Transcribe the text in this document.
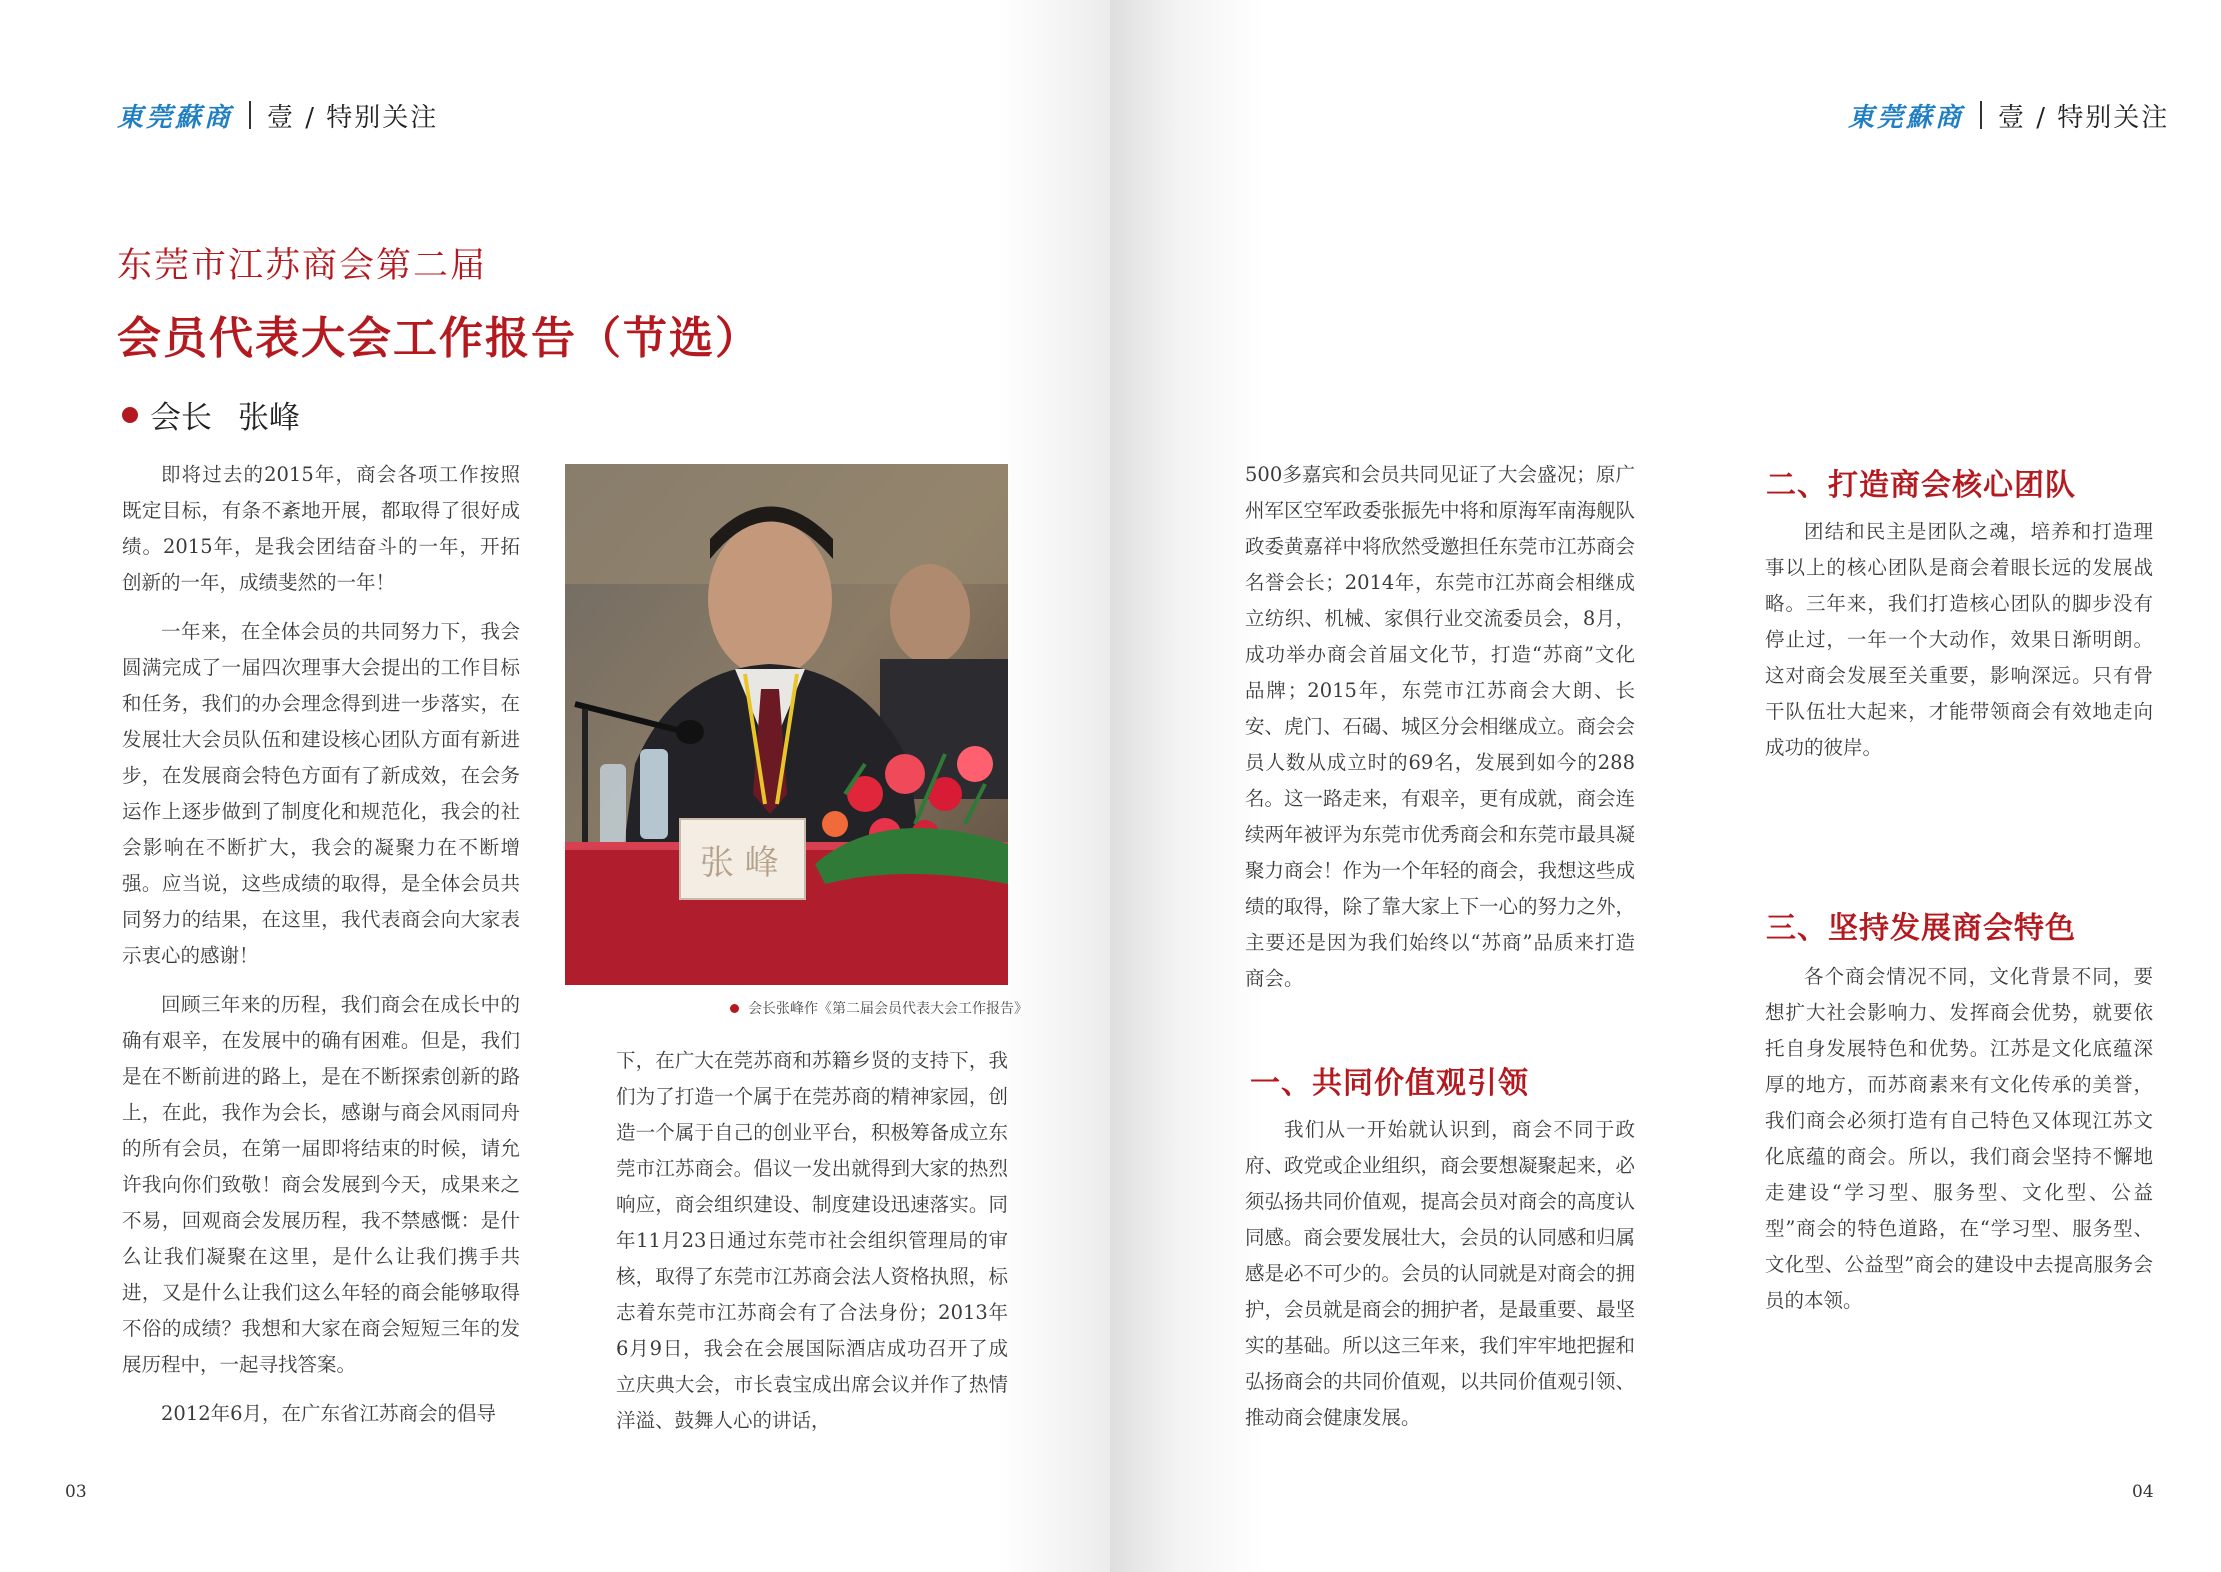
東莞蘇商 壹 / 特别关注
东莞市江苏商会第二届
会员代表大会工作报告（节选）
会长 张峰

即将过去的2015年，商会各项工作按照既定目标，有条不紊地开展，都取得了很好成绩。2015年，是我会团结奋斗的一年，开拓创新的一年，成绩斐然的一年！

一年来，在全体会员的共同努力下，我会圆满完成了一届四次理事大会提出的工作目标和任务，我们的办会理念得到进一步落实，在发展壮大会员队伍和建设核心团队方面有新进步，在发展商会特色方面有了新成效，在会务运作上逐步做到了制度化和规范化，我会的社会影响在不断扩大，我会的凝聚力在不断增强。应当说，这些成绩的取得，是全体会员共同努力的结果，在这里，我代表商会向大家表示衷心的感谢！

回顾三年来的历程，我们商会在成长中的确有艰辛，在发展中的确有困难。但是，我们是在不断前进的路上，是在不断探索创新的路上，在此，我作为会长，感谢与商会风雨同舟的所有会员，在第一届即将结束的时候，请允许我向你们致敬！商会发展到今天，成果来之不易，回观商会发展历程，我不禁感慨：是什么让我们凝聚在这里，是什么让我们携手共进，又是什么让我们这么年轻的商会能够取得不俗的成绩？我想和大家在商会短短三年的发展历程中，一起寻找答案。

2012年6月，在广东省江苏商会的倡导

张 峰
会长张峰作《第二届会员代表大会工作报告》

下，在广大在莞苏商和苏籍乡贤的支持下，我们为了打造一个属于在莞苏商的精神家园，创造一个属于自己的创业平台，积极筹备成立东莞市江苏商会。倡议一发出就得到大家的热烈响应，商会组织建设、制度建设迅速落实。同年11月23日通过东莞市社会组织管理局的审核，取得了东莞市江苏商会法人资格执照，标志着东莞市江苏商会有了合法身份；2013年6月9日，我会在会展国际酒店成功召开了成立庆典大会，市长袁宝成出席会议并作了热情洋溢、鼓舞人心的讲话，

03
東莞蘇商 壹 / 特别关注

500多嘉宾和会员共同见证了大会盛况；原广州军区空军政委张振先中将和原海军南海舰队政委黄嘉祥中将欣然受邀担任东莞市江苏商会名誉会长；2014年，东莞市江苏商会相继成立纺织、机械、家俱行业交流委员会，8月，成功举办商会首届文化节，打造“苏商”文化品牌；2015年，东莞市江苏商会大朗、长安、虎门、石碣、城区分会相继成立。商会会员人数从成立时的69名，发展到如今的288名。这一路走来，有艰辛，更有成就，商会连续两年被评为东莞市优秀商会和东莞市最具凝聚力商会！作为一个年轻的商会，我想这些成绩的取得，除了靠大家上下一心的努力之外，主要还是因为我们始终以“苏商”品质来打造商会。

一、共同价值观引领

我们从一开始就认识到，商会不同于政府、政党或企业组织，商会要想凝聚起来，必须弘扬共同价值观，提高会员对商会的高度认同感。商会要发展壮大，会员的认同感和归属感是必不可少的。会员的认同就是对商会的拥护，会员就是商会的拥护者，是最重要、最坚实的基础。所以这三年来，我们牢牢地把握和弘扬商会的共同价值观，以共同价值观引领、推动商会健康发展。

二、打造商会核心团队

团结和民主是团队之魂，培养和打造理事以上的核心团队是商会着眼长远的发展战略。三年来，我们打造核心团队的脚步没有停止过，一年一个大动作，效果日渐明朗。这对商会发展至关重要，影响深远。只有骨干队伍壮大起来，才能带领商会有效地走向成功的彼岸。

三、坚持发展商会特色

各个商会情况不同，文化背景不同，要想扩大社会影响力、发挥商会优势，就要依托自身发展特色和优势。江苏是文化底蕴深厚的地方，而苏商素来有文化传承的美誉，我们商会必须打造有自己特色又体现江苏文化底蕴的商会。所以，我们商会坚持不懈地走建设“学习型、服务型、文化型、公益型”商会的特色道路，在“学习型、服务型、文化型、公益型”商会的建设中去提高服务会员的本领。

04
